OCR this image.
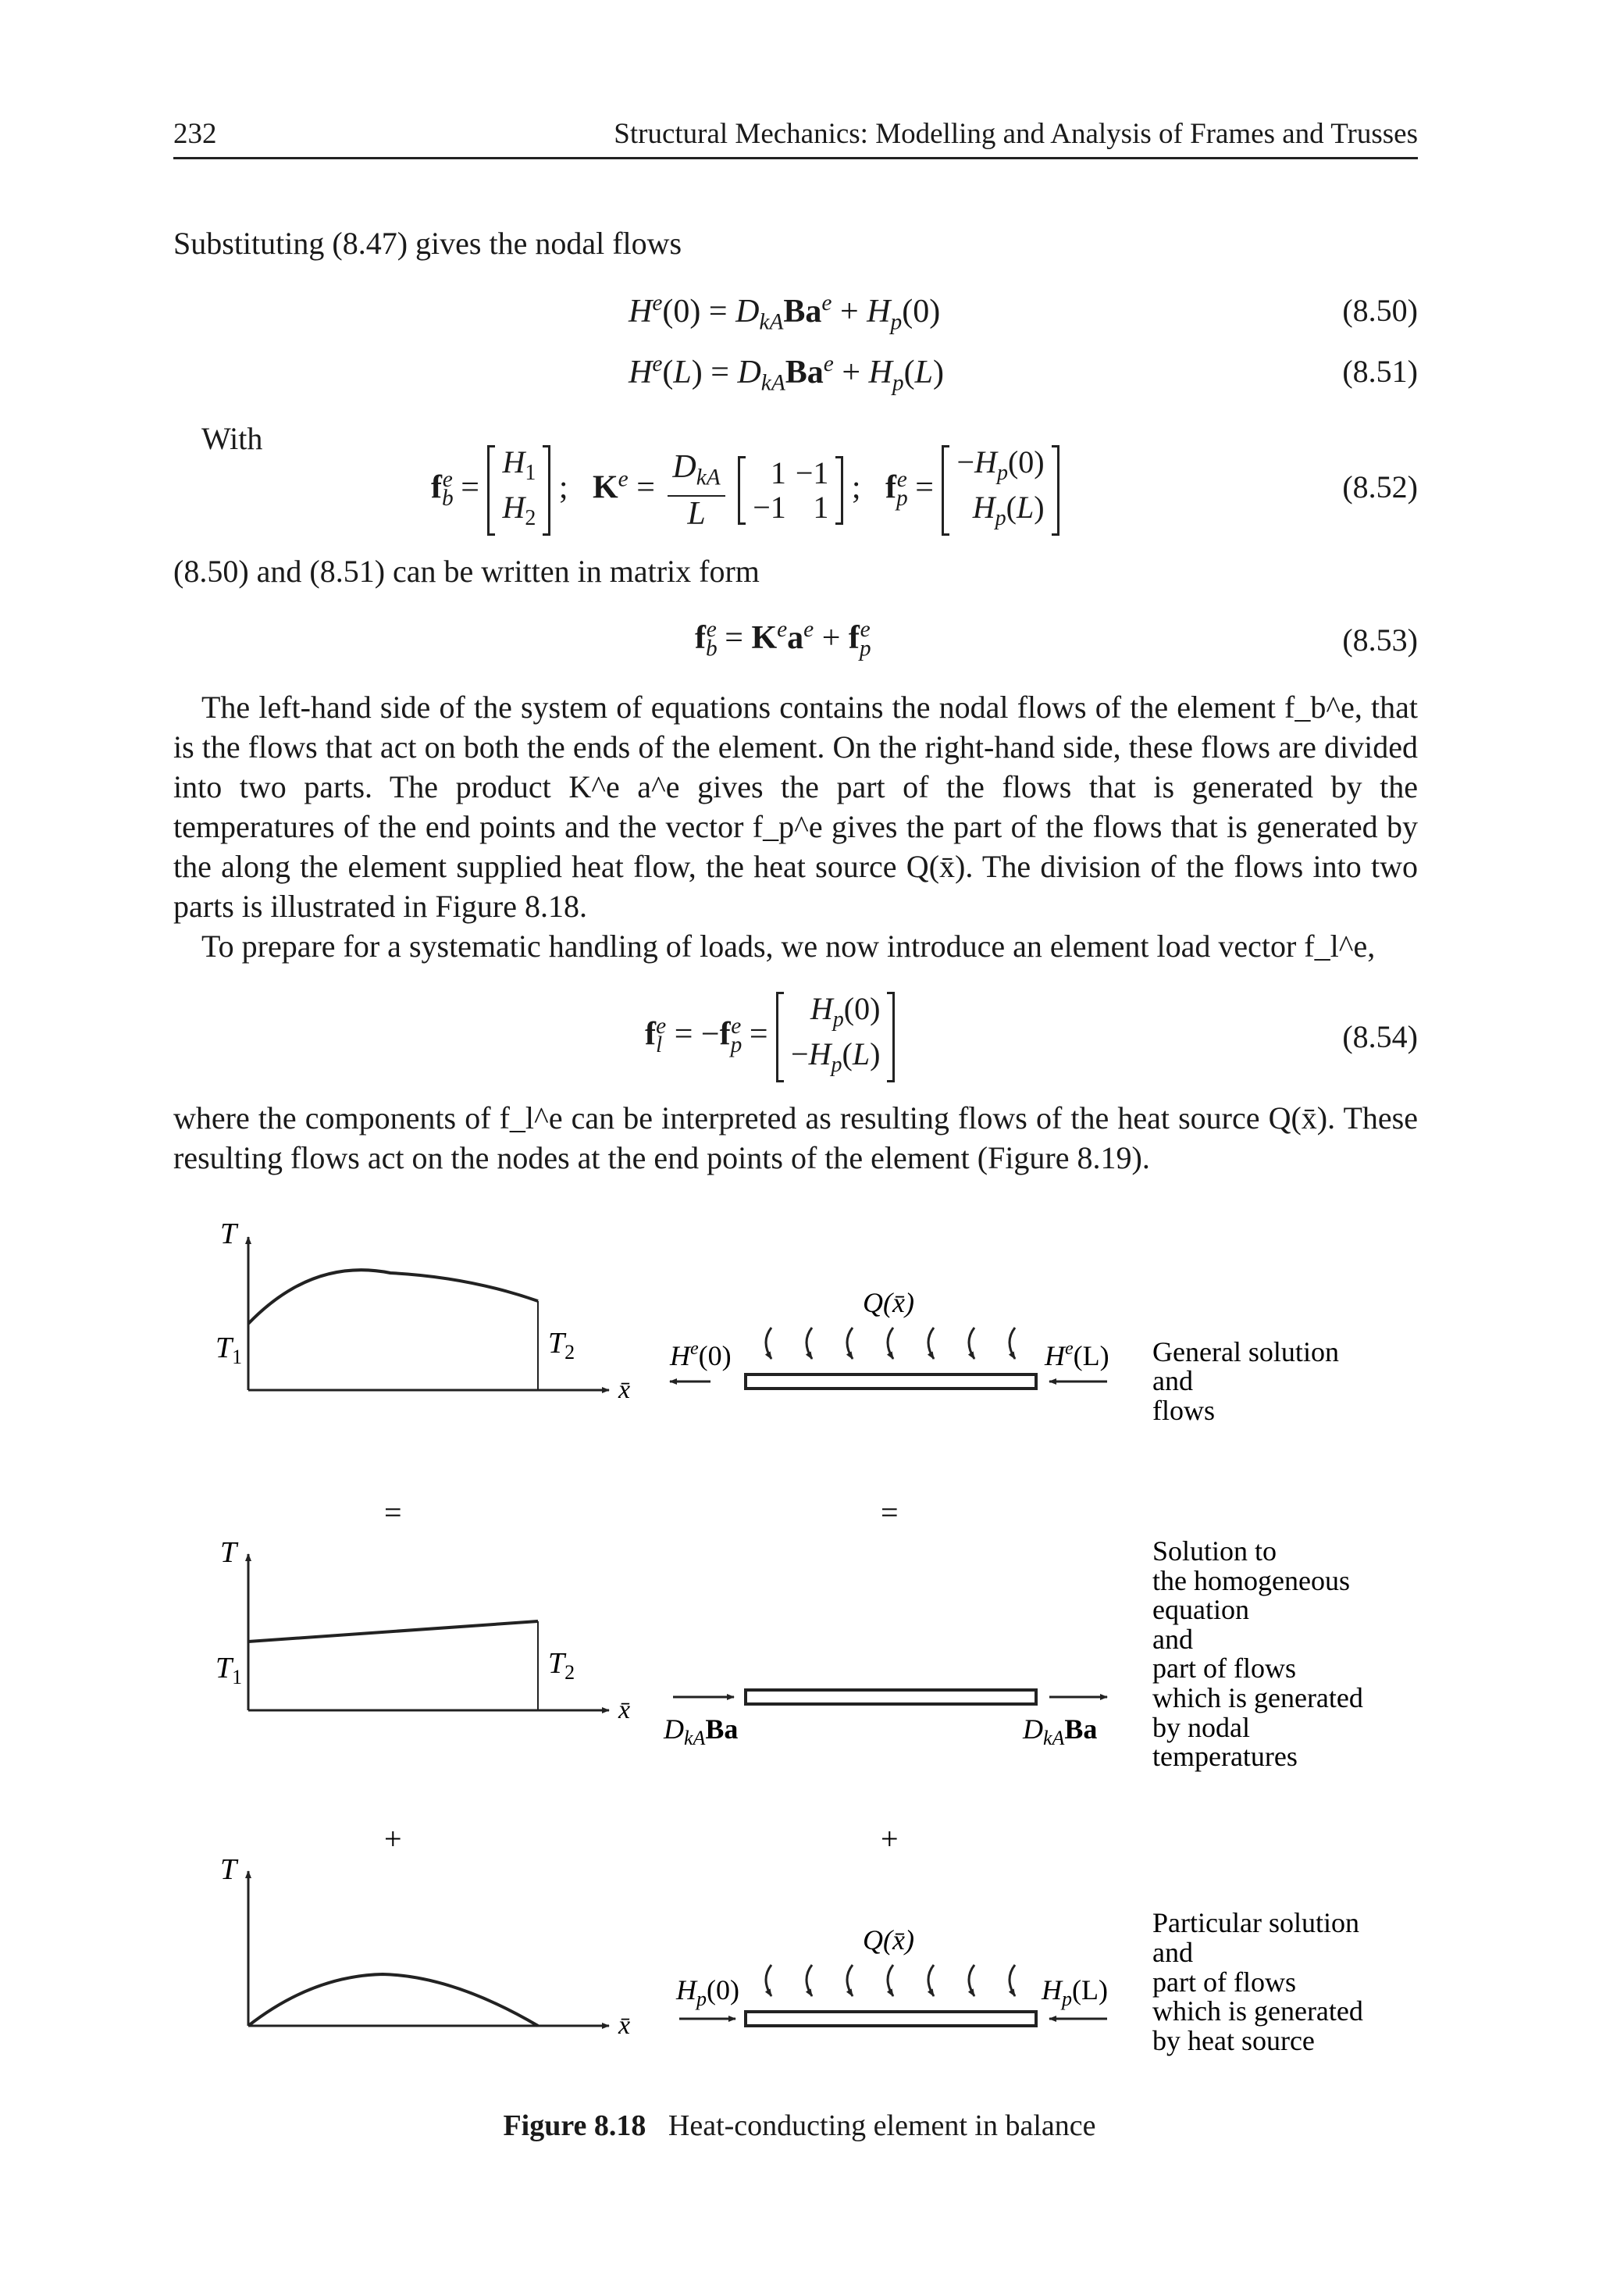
232	Structural Mechanics: Modelling and Analysis of Frames and Trusses
Substituting (8.47) gives the nodal flows
$H^e(0) = D_{kA}Ba^e + H_p(0)$	(8.50)
$H^e(L) = D_{kA}Ba^e + H_p(L)$	(8.51)
With
$f_b^e$ =
$H_1$
$H_2$
;   $K^e = \frac{D_{kA}}{L}$
1	−1
−1	1
;   $f_p^e$ =
$-H_p(0)$
$H_p(L)$
(8.52)
(8.50) and (8.51) can be written in matrix form
$f_b^e = K^ea^e + f_p^e$	(8.53)
The left-hand side of the system of equations contains the nodal flows of the element f_b^e, that is the flows that act on both the ends of the element. On the right-hand side, these flows are divided into two parts. The product K^e a^e gives the part of the flows that is generated by the temperatures of the end points and the vector f_p^e gives the part of the flows that is generated by the along the element supplied heat flow, the heat source Q(x̄). The division of the flows into two parts is illustrated in Figure 8.18.
To prepare for a systematic handling of loads, we now introduce an element load vector f_l^e,
$f_l^e = -f_p^e$ =
$H_p(0)$
$-H_p(L)$	(8.54)
where the components of f_l^e can be interpreted as resulting flows of the heat source Q(x̄). These resulting flows act on the nodes at the end points of the element (Figure 8.19).
T
$T_1$	$T_2$
x̄
Q(x̄)
$H^e(0)$	$H^e(L)$ General solution
and
flows
=	=
T
$T_1$	$T_2$
x̄
$D_{kA}Ba$	$D_{kA}Ba$
Solution to
the homogeneous
equation
and
part of flows
which is generated
by nodal
temperatures
+	+
T
x̄
Q(x̄)
$H_p(0)$	$H_p(L)$
Particular solution
and
part of flows
which is generated
by heat source
Figure 8.18 Heat-conducting element in balance
